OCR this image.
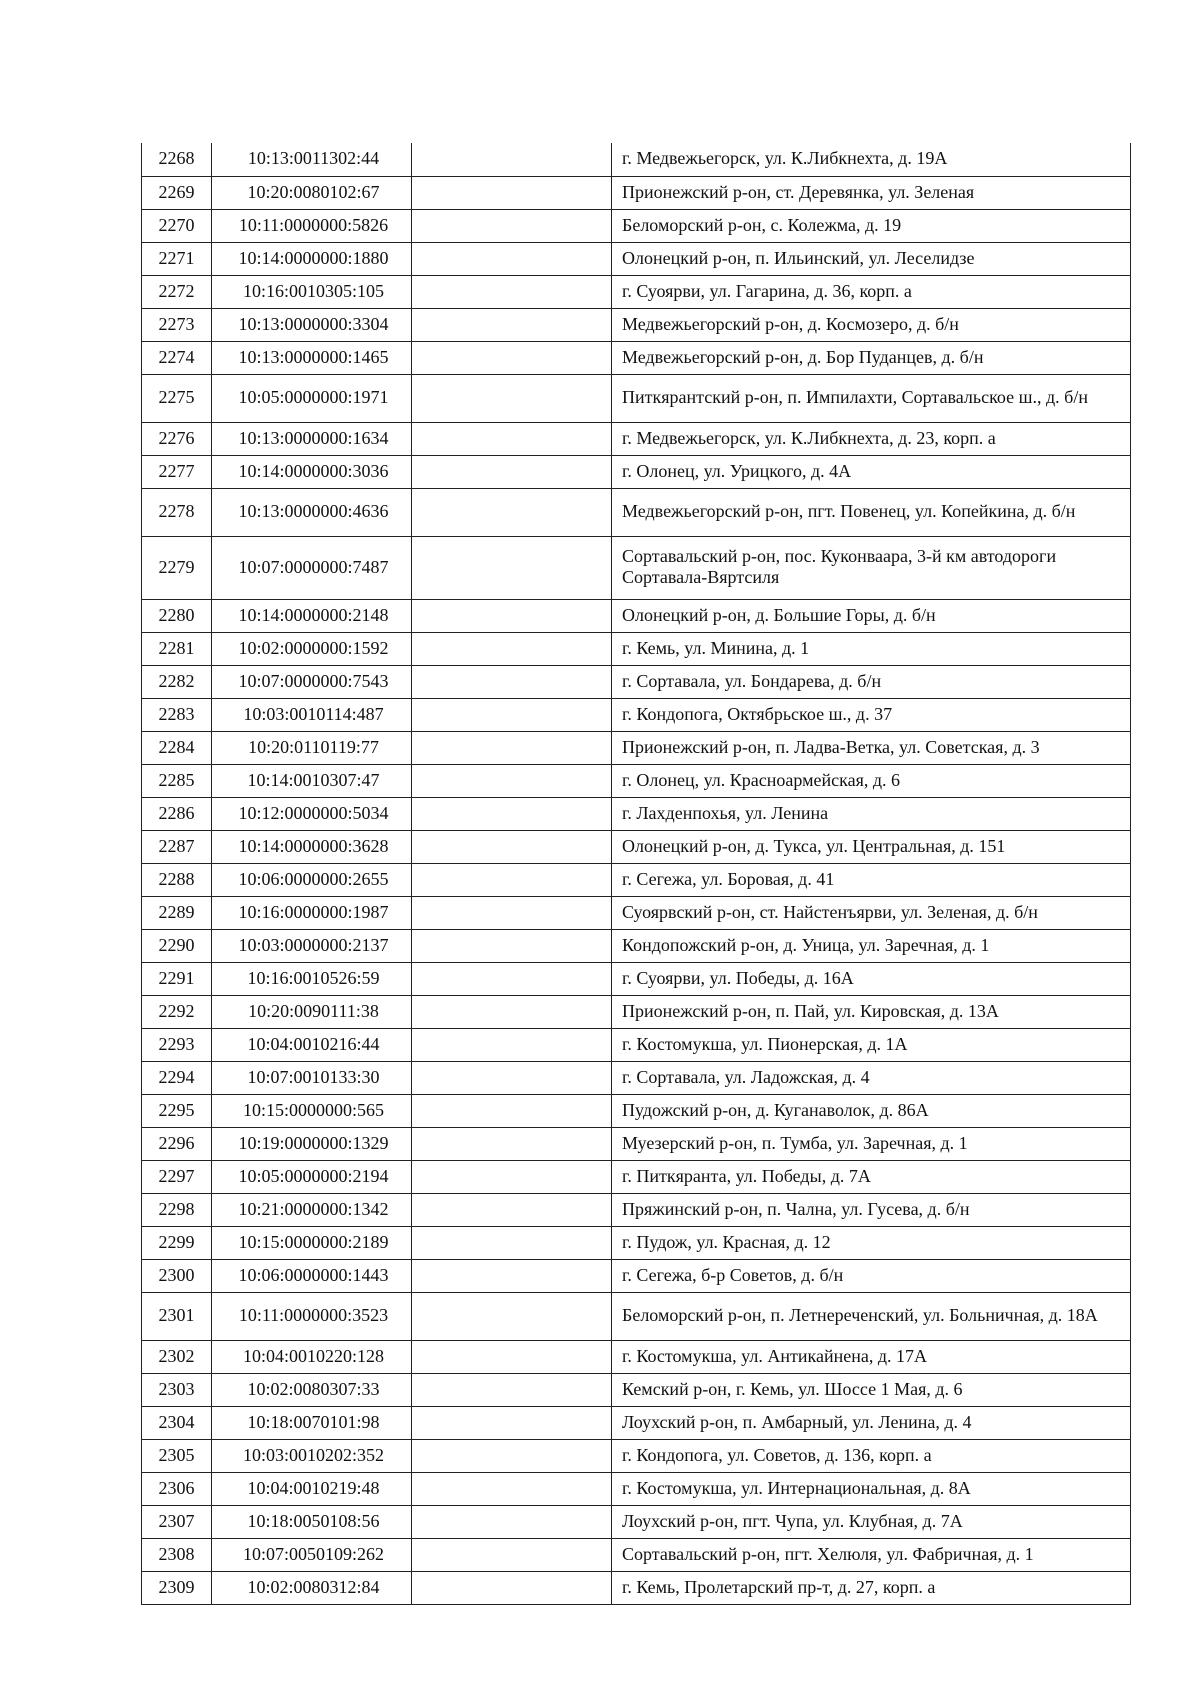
2268	10:13:0011302:44		г. Медвежьегорск, ул. К.Либкнехта, д. 19А
2269	10:20:0080102:67		Прионежский р-он, ст. Деревянка, ул. Зеленая
2270	10:11:0000000:5826		Беломорский р-он, с. Колежма, д. 19
2271	10:14:0000000:1880		Олонецкий р-он, п. Ильинский, ул. Леселидзе
2272	10:16:0010305:105		г. Суоярви, ул. Гагарина, д. 36, корп. а
2273	10:13:0000000:3304		Медвежьегорский р-он, д. Космозеро, д. б/н
2274	10:13:0000000:1465		Медвежьегорский р-он, д. Бор Пуданцев, д. б/н
2275	10:05:0000000:1971		Питкярантский р-он, п. Импилахти, Сортавальское ш., д. б/н
2276	10:13:0000000:1634		г. Медвежьегорск, ул. К.Либкнехта, д. 23, корп. а
2277	10:14:0000000:3036		г. Олонец, ул. Урицкого, д. 4А
2278	10:13:0000000:4636		Медвежьегорский р-он, пгт. Повенец, ул. Копейкина, д. б/н
2279	10:07:0000000:7487		Сортавальский р-он, пос. Куконваара, 3-й км автодороги Сортавала-Вяртсиля
2280	10:14:0000000:2148		Олонецкий р-он, д. Большие Горы, д. б/н
2281	10:02:0000000:1592		г. Кемь, ул. Минина, д. 1
2282	10:07:0000000:7543		г. Сортавала, ул. Бондарева, д. б/н
2283	10:03:0010114:487		г. Кондопога, Октябрьское ш., д. 37
2284	10:20:0110119:77		Прионежский р-он, п. Ладва-Ветка, ул. Советская, д. 3
2285	10:14:0010307:47		г. Олонец, ул. Красноармейская, д. 6
2286	10:12:0000000:5034		г. Лахденпохья, ул. Ленина
2287	10:14:0000000:3628		Олонецкий р-он, д. Тукса, ул. Центральная, д. 151
2288	10:06:0000000:2655		г. Сегежа, ул. Боровая, д. 41
2289	10:16:0000000:1987		Суоярвский р-он, ст. Найстенъярви, ул. Зеленая, д. б/н
2290	10:03:0000000:2137		Кондопожский р-он, д. Уница, ул. Заречная, д. 1
2291	10:16:0010526:59		г. Суоярви, ул. Победы, д. 16А
2292	10:20:0090111:38		Прионежский р-он, п. Пай, ул. Кировская, д. 13А
2293	10:04:0010216:44		г. Костомукша, ул. Пионерская, д. 1А
2294	10:07:0010133:30		г. Сортавала, ул. Ладожская, д. 4
2295	10:15:0000000:565		Пудожский р-он, д. Куганаволок, д. 86А
2296	10:19:0000000:1329		Муезерский р-он, п. Тумба, ул. Заречная, д. 1
2297	10:05:0000000:2194		г. Питкяранта, ул. Победы, д. 7А
2298	10:21:0000000:1342		Пряжинский р-он, п. Чална, ул. Гусева, д. б/н
2299	10:15:0000000:2189		г. Пудож, ул. Красная, д. 12
2300	10:06:0000000:1443		г. Сегежа, б-р Советов, д. б/н
2301	10:11:0000000:3523		Беломорский р-он, п. Летнереченский, ул. Больничная, д. 18А
2302	10:04:0010220:128		г. Костомукша, ул. Антикайнена, д. 17А
2303	10:02:0080307:33		Кемский р-он, г. Кемь, ул. Шоссе 1 Мая, д. 6
2304	10:18:0070101:98		Лоухский р-он, п. Амбарный, ул. Ленина, д. 4
2305	10:03:0010202:352		г. Кондопога, ул. Советов, д. 136, корп. а
2306	10:04:0010219:48		г. Костомукша, ул. Интернациональная, д. 8А
2307	10:18:0050108:56		Лоухский р-он, пгт. Чупа, ул. Клубная, д. 7А
2308	10:07:0050109:262		Сортавальский р-он, пгт. Хелюля, ул. Фабричная, д. 1
2309	10:02:0080312:84		г. Кемь, Пролетарский пр-т, д. 27, корп. а
